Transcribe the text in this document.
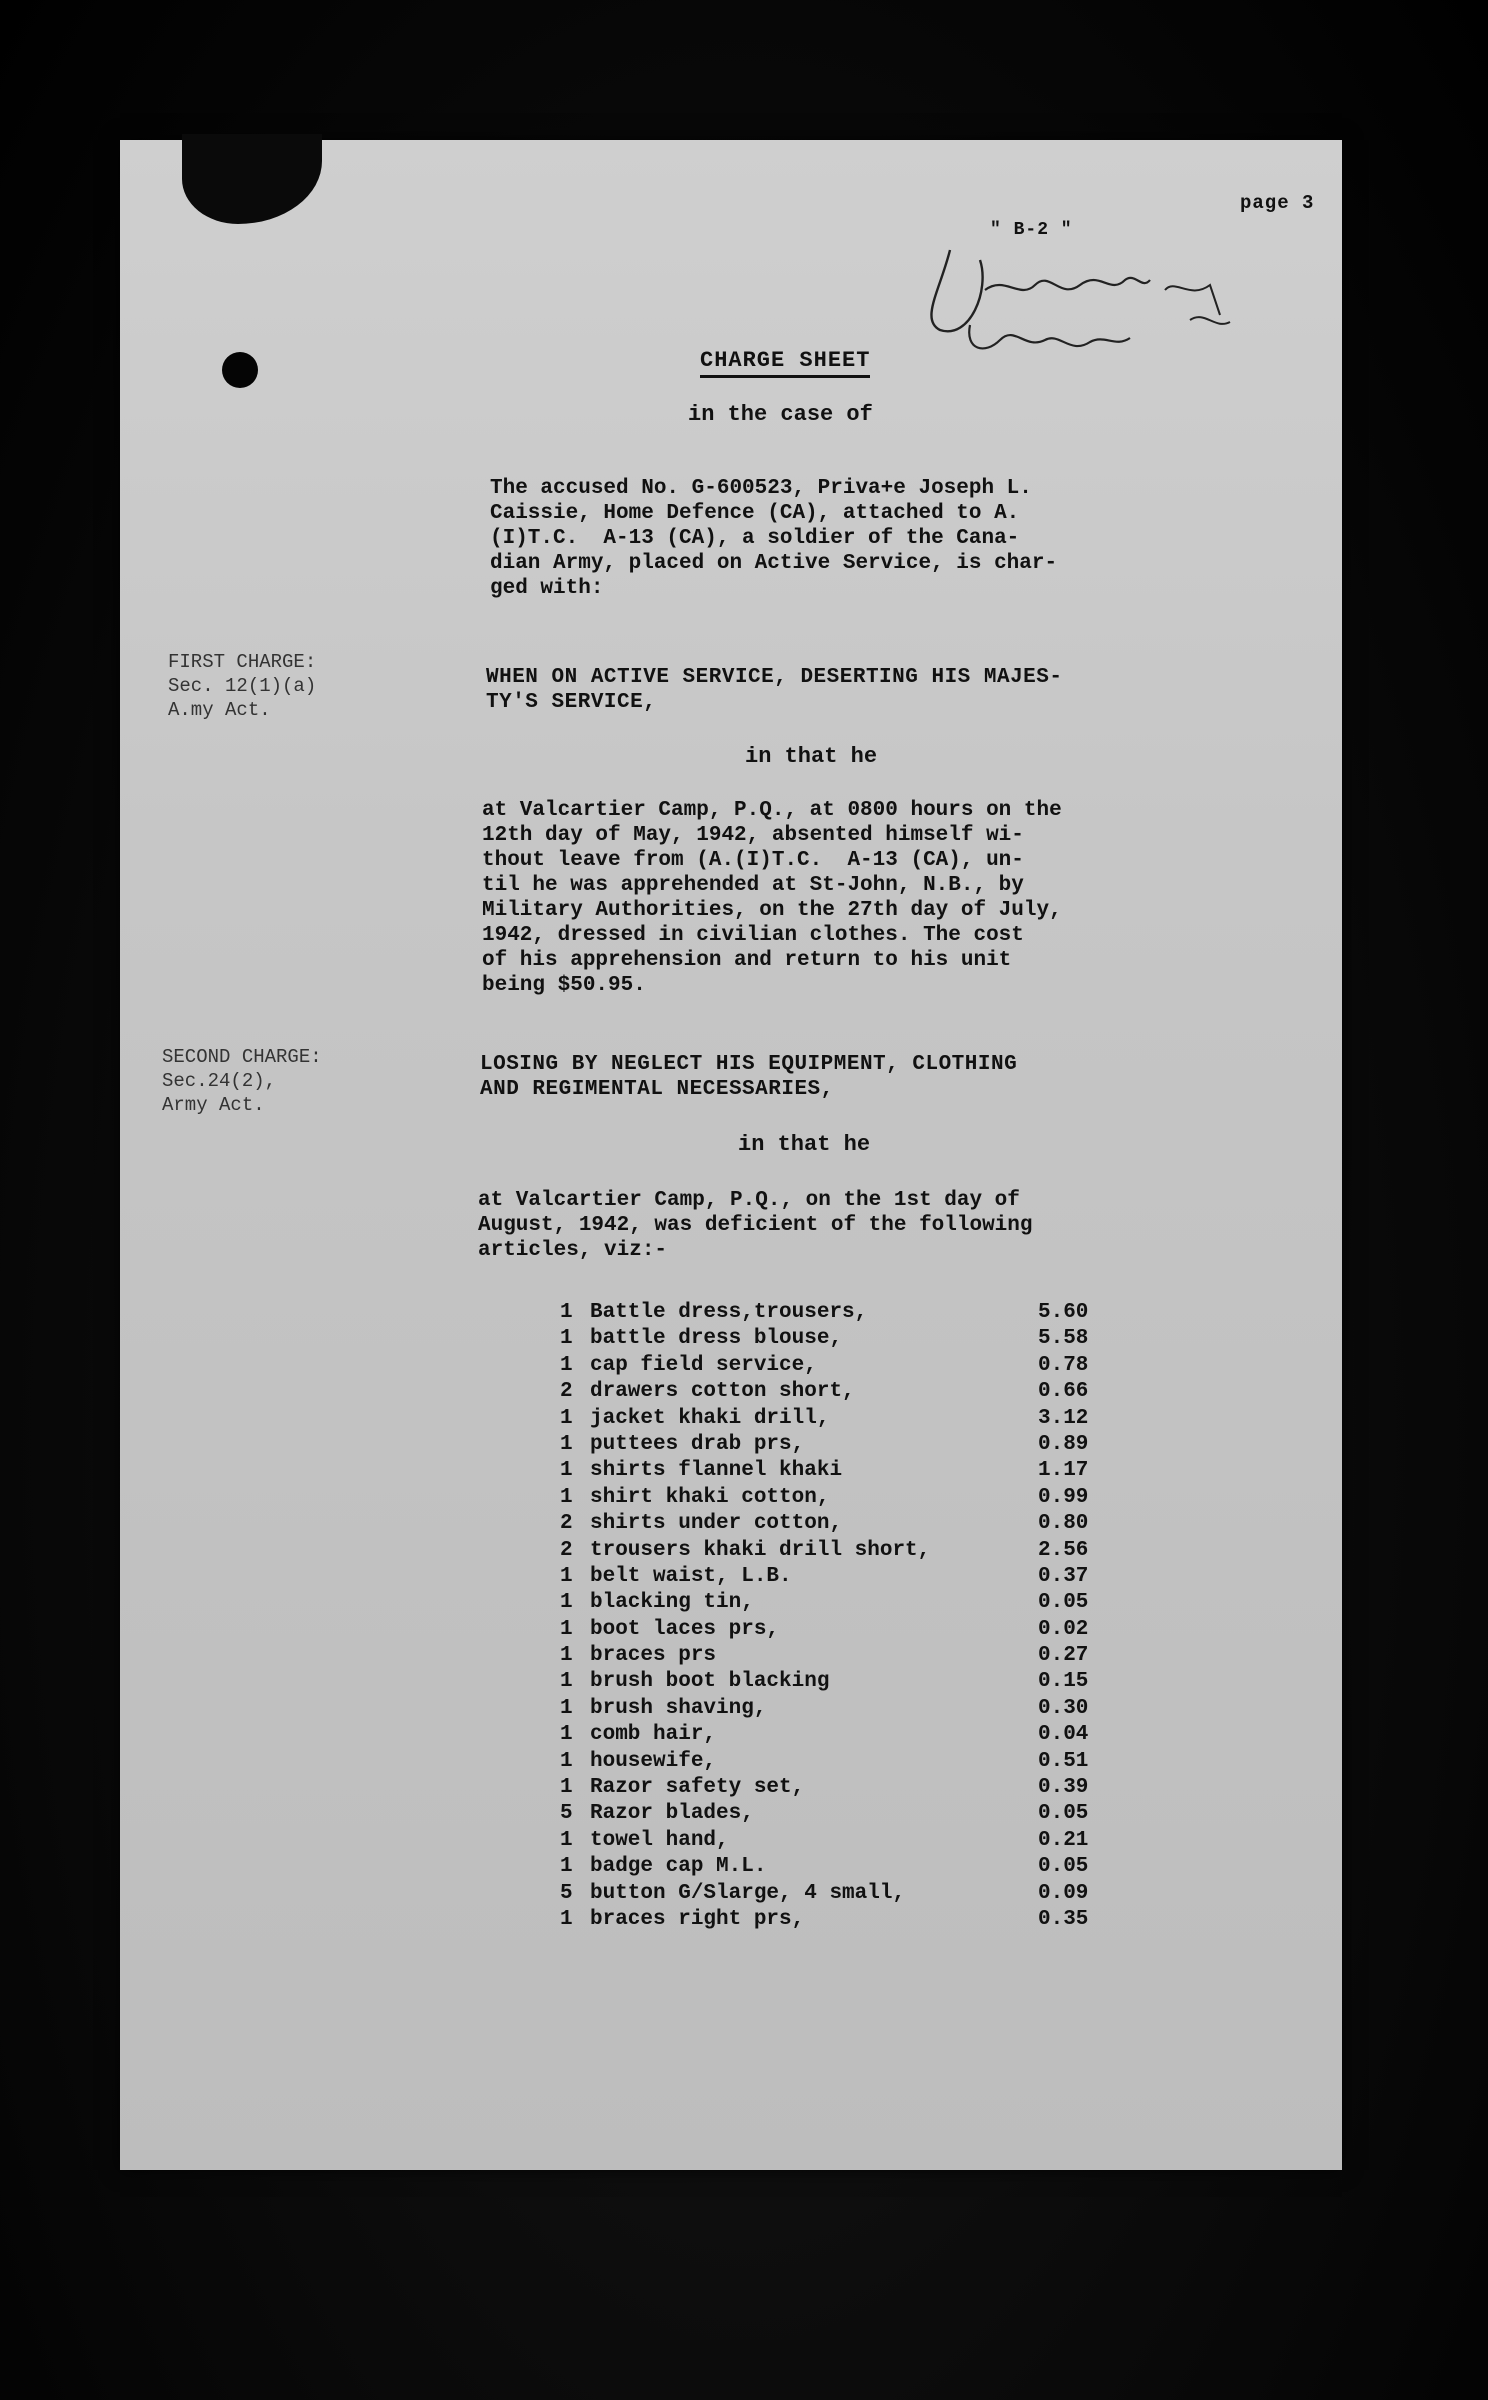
page 3
" B-2 "
CHARGE SHEET
in the case of
The accused No. G-600523, Priva+e Joseph L.
Caissie, Home Defence (CA), attached to A.
(I)T.C.  A-13 (CA), a soldier of the Cana-
dian Army, placed on Active Service, is char-
ged with:
FIRST CHARGE:
Sec. 12(1)(a)
A.my Act.
WHEN ON ACTIVE SERVICE, DESERTING HIS MAJES-
TY'S SERVICE,
in that he
at Valcartier Camp, P.Q., at 0800 hours on the
12th day of May, 1942, absented himself wi-
thout leave from (A.(I)T.C.  A-13 (CA), un-
til he was apprehended at St-John, N.B., by
Military Authorities, on the 27th day of July,
1942, dressed in civilian clothes. The cost
of his apprehension and return to his unit
being $50.95.
SECOND CHARGE:
Sec.24(2),
Army Act.
LOSING BY NEGLECT HIS EQUIPMENT, CLOTHING
AND REGIMENTAL NECESSARIES,
in that he
at Valcartier Camp, P.Q., on the 1st day of
August, 1942, was deficient of the following
articles, viz:-
1 Battle dress,trousers,	5.60
1 battle dress blouse,	5.58
1 cap field service,	0.78
2 drawers cotton short,	0.66
1 jacket khaki drill,	3.12
1 puttees drab prs,	0.89
1 shirts flannel khaki	1.17
1 shirt khaki cotton,	0.99
2 shirts under cotton,	0.80
2 trousers khaki drill short,	2.56
1 belt waist, L.B.	0.37
1 blacking tin,	0.05
1 boot laces prs,	0.02
1 braces prs	0.27
1 brush boot blacking	0.15
1 brush shaving,	0.30
1 comb hair,	0.04
1 housewife,	0.51
1 Razor safety set,	0.39
5 Razor blades,	0.05
1 towel hand,	0.21
1 badge cap M.L.	0.05
5 button G/Slarge, 4 small,	0.09
1 braces right prs,	0.35
